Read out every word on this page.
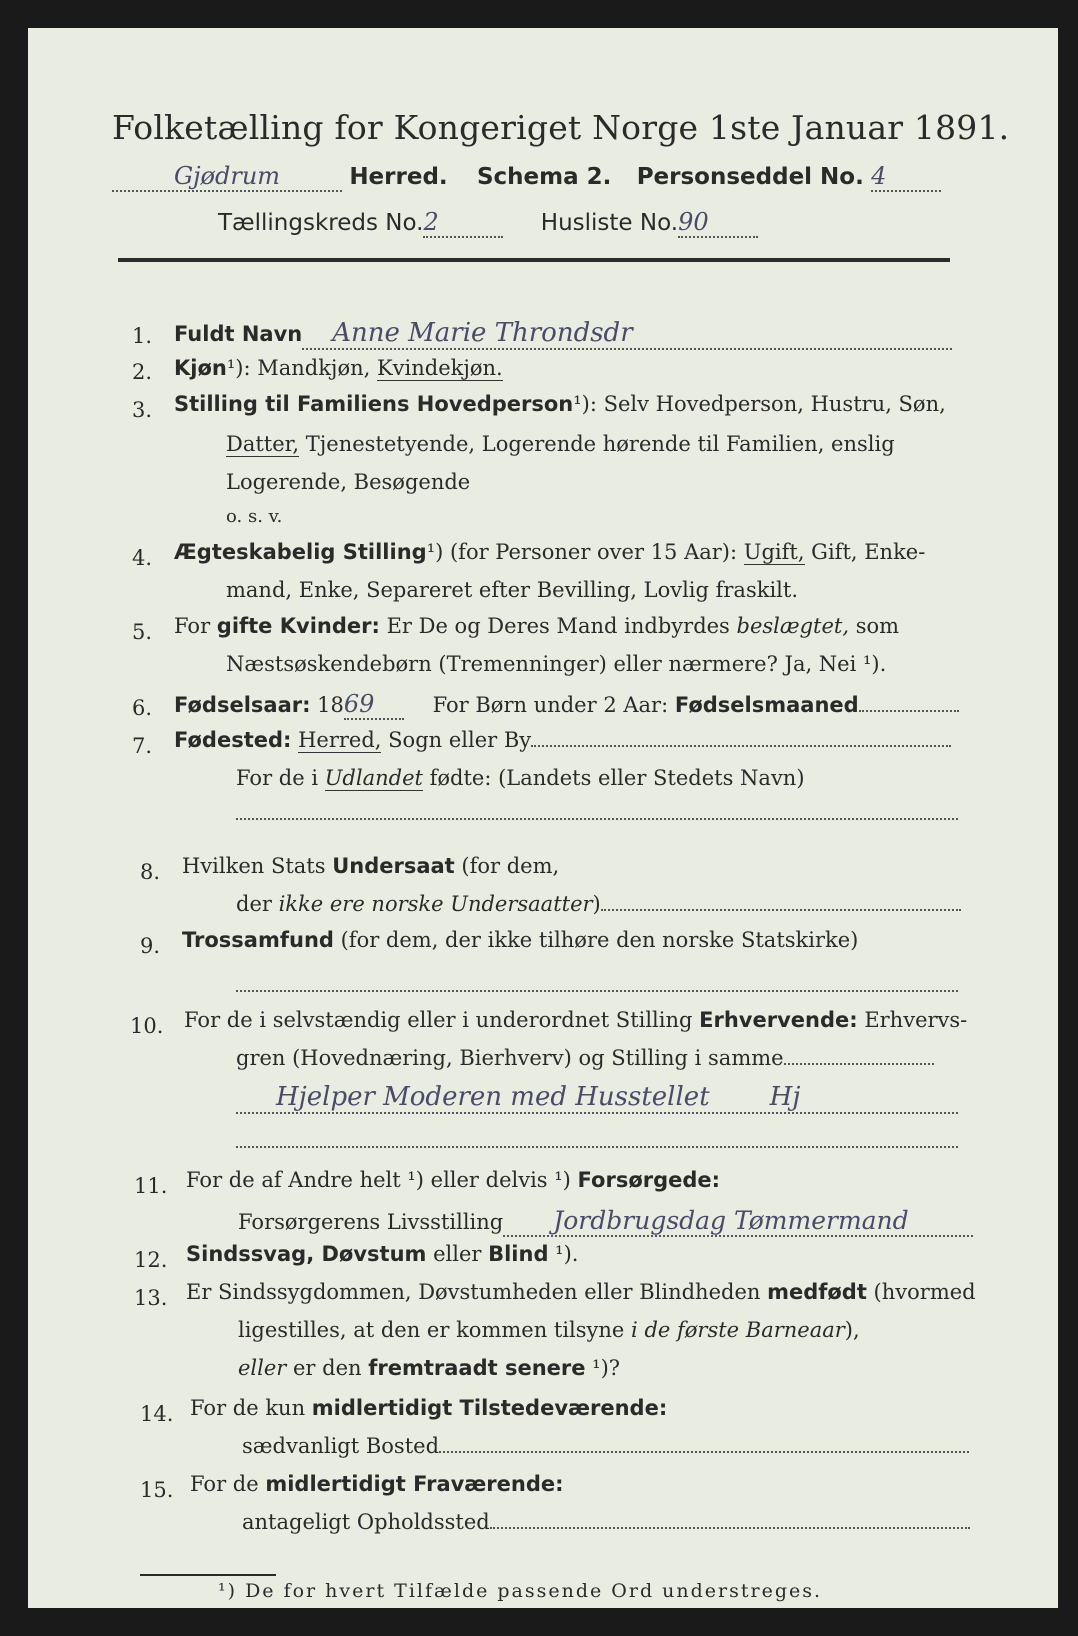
Folketælling for Kongeriget Norge 1ste Januar 1891.
Gjødrum	Herred. Schema 2. Personseddel No. 4
Tællingskreds No.2	Husliste No.90
1. Fuldt Navn Anne Marie Throndsdr
2. Kjøn¹): Mandkjøn, Kvindekjøn.
3. Stilling til Familiens Hovedperson¹): Selv Hovedperson, Hustru, Søn,
Datter, Tjenestetyende, Logerende hørende til Familien, enslig
Logerende, Besøgende
o. s. v.
4. Ægteskabelig Stilling¹) (for Personer over 15 Aar): Ugift, Gift, Enke-
mand, Enke, Separeret efter Bevilling, Lovlig fraskilt.
5. For gifte Kvinder: Er De og Deres Mand indbyrdes beslægtet, som
Næstsøskendebørn (Tremenninger) eller nærmere? Ja, Nei ¹).
6. Fødselsaar: 1869	For Børn under 2 Aar: Fødselsmaaned
7. Fødested: Herred, Sogn eller By
For de i Udlandet fødte: (Landets eller Stedets Navn)
8. Hvilken Stats Undersaat (for dem,
der ikke ere norske Undersaatter)
9. Trossamfund (for dem, der ikke tilhøre den norske Statskirke)
10. For de i selvstændig eller i underordnet Stilling Erhvervende: Erhvervs-
gren (Hovednæring, Bierhverv) og Stilling i samme
Hjelper Moderen med Husstellet Hj
11. For de af Andre helt ¹) eller delvis ¹) Forsørgede:
Forsørgerens Livsstilling Jordbrugsdag Tømmermand
12. Sindssvag, Døvstum eller Blind ¹).
13. Er Sindssygdommen, Døvstumheden eller Blindheden medfødt (hvormed
ligestilles, at den er kommen tilsyne i de første Barneaar),
eller er den fremtraadt senere ¹)?
14. For de kun midlertidigt Tilstedeværende:
sædvanligt Bosted
15. For de midlertidigt Fraværende:
antageligt Opholdssted
¹) De for hvert Tilfælde passende Ord understreges.
